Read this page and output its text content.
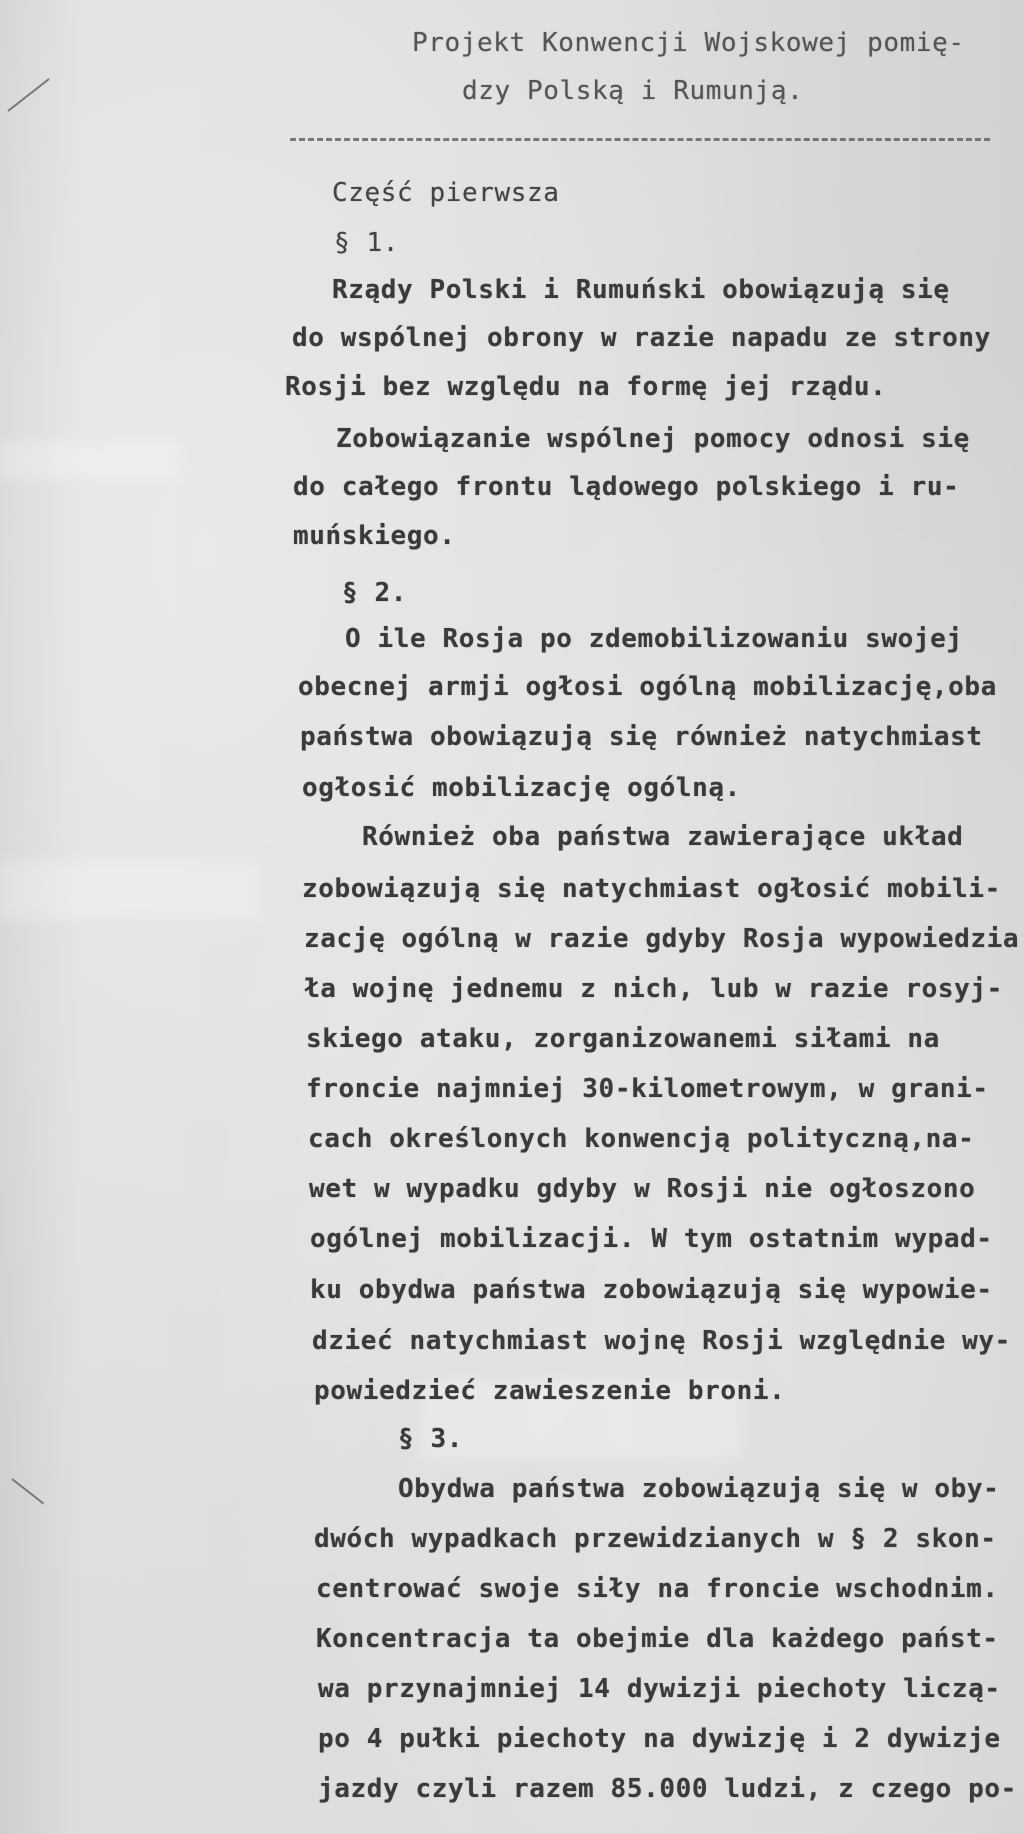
Projekt Konwencji Wojskowej pomię-
dzy Polską i Rumunją.
Część pierwsza
§ 1.
Rządy Polski i Rumuński obowiązują się
do wspólnej obrony w razie napadu ze strony
Rosji bez względu na formę jej rządu.
Zobowiązanie wspólnej pomocy odnosi się
do całego frontu lądowego polskiego i ru-
muńskiego.
§ 2.
O ile Rosja po zdemobilizowaniu swojej
obecnej armji ogłosi ogólną mobilizację,oba
państwa obowiązują się również natychmiast
ogłosić mobilizację ogólną.
Również oba państwa zawierające układ
zobowiązują się natychmiast ogłosić mobili-
zację ogólną w razie gdyby Rosja wypowiedzia
ła wojnę jednemu z nich, lub w razie rosyj-
skiego ataku, zorganizowanemi siłami na
froncie najmniej 30-kilometrowym, w grani-
cach określonych konwencją polityczną,na-
wet w wypadku gdyby w Rosji nie ogłoszono
ogólnej mobilizacji. W tym ostatnim wypad-
ku obydwa państwa zobowiązują się wypowie-
dzieć natychmiast wojnę Rosji względnie wy-
powiedzieć zawieszenie broni.
§ 3.
Obydwa państwa zobowiązują się w oby-
dwóch wypadkach przewidzianych w § 2 skon-
centrować swoje siły na froncie wschodnim.
Koncentracja ta obejmie dla każdego państ-
wa przynajmniej 14 dywizji piechoty liczą-
po 4 pułki piechoty na dywizję i 2 dywizje
jazdy czyli razem 85.000 ludzi, z czego po-
